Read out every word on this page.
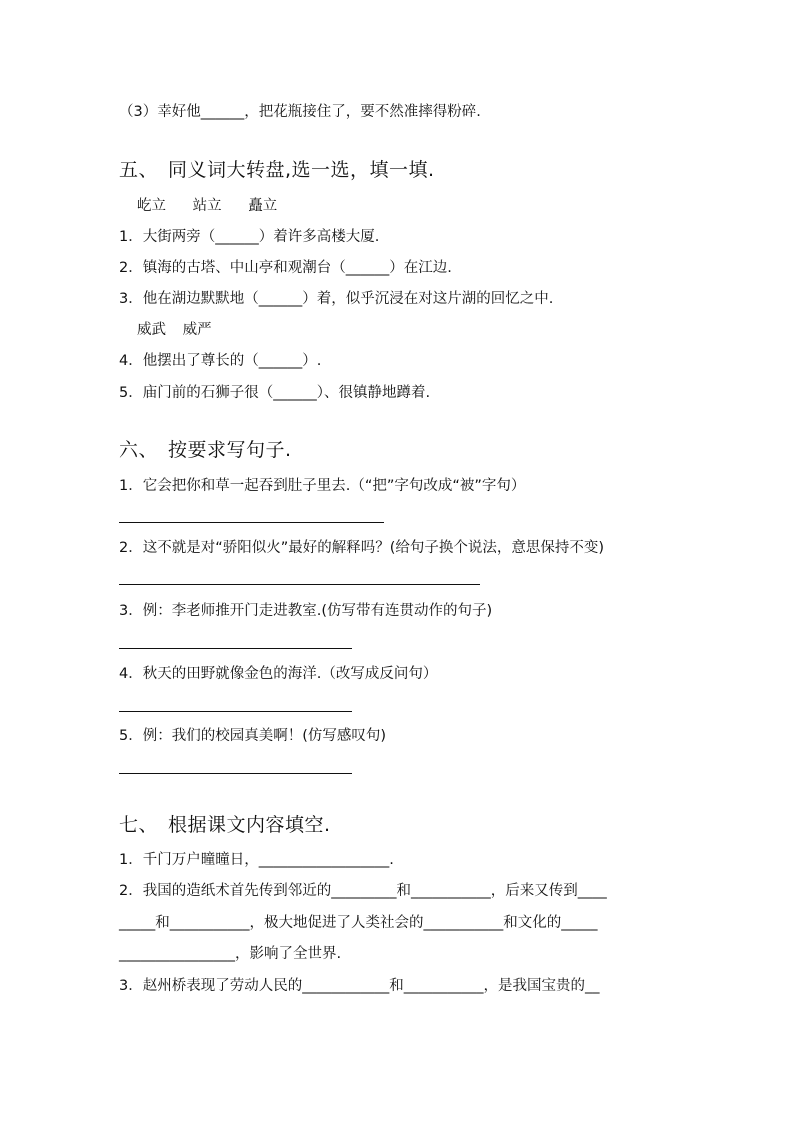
（3）幸好他______，把花瓶接住了，要不然准摔得粉碎.
五、　同义词大转盘,选一选，填一填.
屹立 站立 矗立
1．大街两旁（______）着许多高楼大厦.
2．镇海的古塔、中山亭和观潮台（______）在江边.
3．他在湖边默默地（______）着，似乎沉浸在对这片湖的回忆之中.
威武 威严
4．他摆出了尊长的（______）.
5．庙门前的石狮子很（______）、很镇静地蹲着.
六、　按要求写句子.
1．它会把你和草一起吞到肚子里去.（“把”字句改成“被”字句）
2．这不就是对“骄阳似火”最好的解释吗？(给句子换个说法，意思保持不变)
3．例：李老师推开门走进教室.(仿写带有连贯动作的句子)
4．秋天的田野就像金色的海洋.（改写成反问句）
5．例：我们的校园真美啊！(仿写感叹句)
七、　根据课文内容填空.
1．千门万户曈曈日，__________________.
2．我国的造纸术首先传到邻近的_________和___________，后来又传到____
_____和___________，极大地促进了人类社会的___________和文化的_____
________________，影响了全世界.
3．赵州桥表现了劳动人民的____________和___________，是我国宝贵的__
